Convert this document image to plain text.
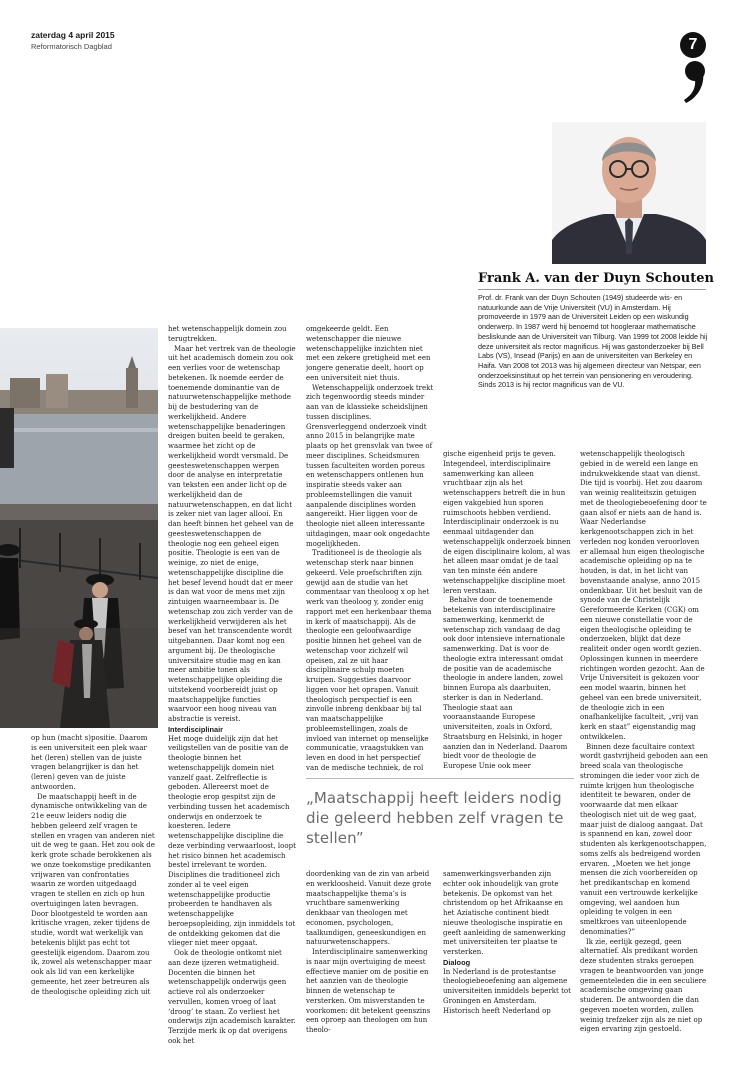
zaterdag 4 april 2015
Reformatorisch Dagblad	7
Frank A. van der Duyn Schouten

Prof. dr. Frank van der Duyn Schouten (1949) studeerde wis- en natuurkunde aan de Vrije Universiteit (VU) in Amsterdam. Hij promoveerde in 1979 aan de Universiteit Leiden op een wiskundig onderwerp. In 1987 werd hij benoemd tot hoogleraar mathematische besliskunde aan de Universiteit van Tilburg. Van 1999 tot 2008 leidde hij deze universiteit als rector magnificus. Hij was gastonderzoeker bij Bell Labs (VS), Insead (Parijs) en aan de universiteiten van Berkeley en Haifa. Van 2008 tot 2013 was hij algemeen directeur van Netspar, een onderzoeksinstituut op het terrein van pensionering en veroudering. Sinds 2013 is hij rector magnificus van de VU.

op hun (macht s)positie. Daarom is een universiteit een plek waar het (leren) stellen van de juiste vragen belangrijker is dan het (leren) geven van de juiste antwoorden.

De maatschappij heeft in de dynamische ontwikkeling van de 21e eeuw leiders nodig die hebben geleerd zelf vragen te stellen en vragen van anderen niet uit de weg te gaan. Het zou ook de kerk grote schade berokkenen als we onze toekomstige predikanten vrijwaren van confrontaties waarin ze worden uitgedaagd vragen te stellen en zich op hun overtuigingen laten bevragen. Door blootgesteld te worden aan kritische vragen, zeker tijdens de studie, wordt wat werkelijk van betekenis blijkt pas echt tot geestelijk eigendom. Daarom zou ik, zowel als wetenschapper maar ook als lid van een kerkelijke gemeente, het zeer betreuren als de theologische opleiding zich uit

het wetenschappelijk domein zou terugtrekken.

Maar het vertrek van de theologie uit het academisch domein zou ook een verlies voor de wetenschap betekenen. Ik noemde eerder de toenemende dominantie van de natuurwetenschappelijke methode bij de bestudering van de werkelijkheid. Andere wetenschappelijke benaderingen dreigen buiten beeld te geraken, waarmee het zicht op de werkelijkheid wordt versmald. De geesteswetenschappen werpen door de analyse en interpretatie van teksten een ander licht op de werkelijkheid dan de natuurwetenschappen, en dat licht is zeker niet van lager allooi. En dan heeft binnen het geheel van de geesteswetenschappen de theologie nog een geheel eigen positie. Theologie is een van de weinige, zo niet de enige, wetenschappelijke discipline die het besef levend houdt dat er meer is dan wat voor de mens met zijn zintuigen waarneembaar is. De wetenschap zou zich verder van de werkelijkheid verwijderen als het besef van het transcendente wordt uitgebannen. Daar komt nog een argument bij. De theologische universitaire studie mag en kan meer ambitie tonen als wetenschappelijke opleiding die uitstekend voorbereidt juist op maatschappelijke functies waarvoor een hoog niveau van abstractie is vereist.

Interdisciplinair

Het moge duidelijk zijn dat het veiligstellen van de positie van de theologie binnen het wetenschappelijk domein niet vanzelf gaat. Zelfreflectie is geboden. Allereerst moet de theologie erop gespitst zijn de verbinding tussen het academisch onderwijs en onderzoek te koesteren. Iedere wetenschappelijke discipline die deze verbinding verwaarloost, loopt het risico binnen het academisch bestel irrelevant te worden. Disciplines die traditioneel zich zonder al te veel eigen wetenschappelijke productie probeerden te handhaven als wetenschappelijke beroepsopleiding, zijn inmiddels tot de ontdekking gekomen dat die vlieger niet meer opgaat.

Ook de theologie ontkomt niet aan deze ijzeren wetmatigheid. Docenten die binnen het wetenschappelijk onderwijs geen actieve rol als onderzoeker vervullen, komen vroeg of laat ‘droog’ te staan. Zo verliest het onderwijs zijn academisch karakter. Terzijde merk ik op dat overigens ook het

omgekeerde geldt. Een wetenschapper die nieuwe wetenschappelijke inzichten niet met een zekere gretigheid met een jongere generatie deelt, hoort op een universiteit niet thuis.

Wetenschappelijk onderzoek trekt zich tegenwoordig steeds minder aan van de klassieke scheidslijnen tussen disciplines. Grensverleggend onderzoek vindt anno 2015 in belangrijke mate plaats op het grensvlak van twee of meer disciplines. Scheidsmuren tussen faculteiten worden poreus en wetenschappers ontlenen hun inspiratie steeds vaker aan probleemstellingen die vanuit aanpalende disciplines worden aangereikt. Hier liggen voor de theologie niet alleen interessante uitdagingen, maar ook ongedachte mogelijkheden.

Traditioneel is de theologie als wetenschap sterk naar binnen gekeerd. Vele proefschriften zijn gewijd aan de studie van het commentaar van theoloog x op het werk van theoloog y, zonder enig rapport met een herkenbaar thema in kerk of maatschappij. Als de theologie een geloofwaardige positie binnen het geheel van de wetenschap voor zichzelf wil opeisen, zal ze uit haar disciplinaire schulp moeten kruipen. Suggesties daarvoor liggen voor het oprapen. Vanuit theologisch perspectief is een zinvolle inbreng denkbaar bij tal van maatschappelijke probleemstellingen, zoals de invloed van internet op menselijke communicatie, vraagstukken van leven en dood in het perspectief van de medische techniek, de rol

gische eigenheid prijs te geven. Integendeel, interdisciplinaire samenwerking kan alleen vruchtbaar zijn als het wetenschappers betreft die in hun eigen vakgebied hun sporen ruimschoots hebben verdiend. Interdisciplinair onderzoek is nu eenmaal uitdagender dan wetenschappelijk onderzoek binnen de eigen disciplinaire kolom, al was het alleen maar omdat je de taal van ten minste één andere wetenschappelijke discipline moet leren verstaan.

Behalve door de toenemende betekenis van interdisciplinaire samenwerking, kenmerkt de wetenschap zich vandaag de dag ook door intensieve internationale samenwerking. Dat is voor de theologie extra interessant omdat de positie van de academische theologie in andere landen, zowel binnen Europa als daarbuiten, sterker is dan in Nederland. Theologie staat aan vooraanstaande Europese universiteiten, zoals in Oxford, Straatsburg en Helsinki, in hoger aanzien dan in Nederland. Daarom biedt voor de theologie de Europese Unie ook meer

„Maatschappij heeft leiders nodig die geleerd hebben zelf vragen te stellen”

doordenking van de zin van arbeid en werkloosheid. Vanuit deze grote maatschappelijke thema’s is vruchtbare samenwerking denkbaar van theologen met economen, psychologen, taalkundigen, geneeskundigen en natuurwetenschappers.

Interdisciplinaire samenwerking is naar mijn overtuiging de meest effectieve manier om de positie en het aanzien van de theologie binnen de wetenschap te versterken. Om misverstanden te voorkomen: dit betekent geenszins een oproep aan theologen om hun theolo-

samenwerkingsverbanden zijn echter ook inhoudelijk van grote betekenis. De opkomst van het christendom op het Afrikaanse en het Aziatische continent biedt nieuwe theologische inspiratie en geeft aanleiding de samenwerking met universiteiten ter plaatse te versterken.

Dialoog

In Nederland is de protestantse theologiebeoefening aan algemene universiteiten inmiddels beperkt tot Groningen en Amsterdam. Historisch heeft Nederland op

wetenschappelijk theologisch gebied in de wereld een lange en indrukwekkende staat van dienst. Die tijd is voorbij. Het zou daarom van weinig realiteitszin getuigen met de theologiebeoefening door te gaan alsof er niets aan de hand is. Waar Nederlandse kerkgenootschappen zich in het verleden nog konden veroorloven er allemaal hun eigen theologische academische opleiding op na te houden, is dat, in het licht van bovenstaande analyse, anno 2015 ondenkbaar. Uit het besluit van de synode van de Christelijk Gereformeerde Kerken (CGK) om een nieuwe constellatie voor de eigen theologische opleiding te onderzoeken, blijkt dat deze realiteit onder ogen wordt gezien. Oplossingen kunnen in meerdere richtingen worden gezocht. Aan de Vrije Universiteit is gekozen voor een model waarin, binnen het geheel van een brede universiteit, de theologie zich in een onafhankelijke faculteit, „vrij van kerk en staat” eigenstandig mag ontwikkelen.

Binnen deze facultaire context wordt gastvrijheid geboden aan een breed scala van theologische stromingen die ieder voor zich de ruimte krijgen hun theologische identiteit te bewaren, onder de voorwaarde dat men elkaar theologisch niet uit de weg gaat, maar juist de dialoog aangaat. Dat is spannend en kan, zowel door studenten als kerkgenootschappen, soms zelfs als bedreigend worden ervaren. „Moeten we het jonge mensen die zich voorbereiden op het predikantschap en komend vanuit een vertrouwde kerkelijke omgeving, wel aandoen hun opleiding te volgen in een smeltkroes van uiteenlopende denominaties?”

Ik zie, eerlijk gezegd, geen alternatief. Als predikant worden deze studenten straks geroepen vragen te beantwoorden van jonge gemeenteleden die in een seculiere academische omgeving gaan studeren. De antwoorden die dan gegeven moeten worden, zullen weinig trefzeker zijn als ze niet op eigen ervaring zijn gestoeld.
